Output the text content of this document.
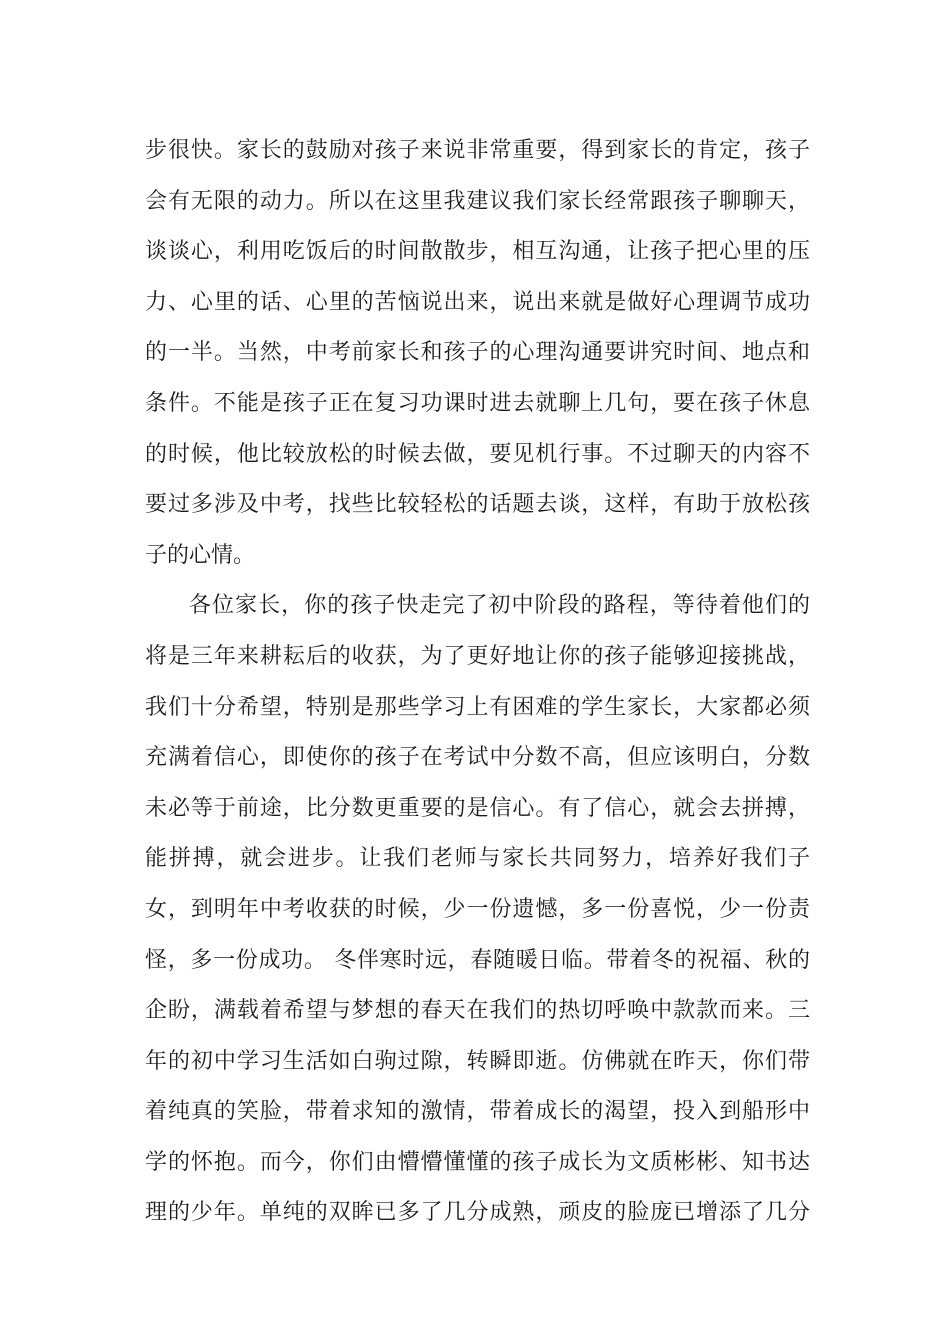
步很快。家长的鼓励对孩子来说非常重要，得到家长的肯定，孩子
会有无限的动力。所以在这里我建议我们家长经常跟孩子聊聊天，
谈谈心，利用吃饭后的时间散散步，相互沟通，让孩子把心里的压
力、心里的话、心里的苦恼说出来，说出来就是做好心理调节成功
的一半。当然，中考前家长和孩子的心理沟通要讲究时间、地点和
条件。不能是孩子正在复习功课时进去就聊上几句，要在孩子休息
的时候，他比较放松的时候去做，要见机行事。不过聊天的内容不
要过多涉及中考，找些比较轻松的话题去谈，这样，有助于放松孩
子的心情。
各位家长，你的孩子快走完了初中阶段的路程，等待着他们的
将是三年来耕耘后的收获，为了更好地让你的孩子能够迎接挑战，
我们十分希望，特别是那些学习上有困难的学生家长，大家都必须
充满着信心，即使你的孩子在考试中分数不高，但应该明白，分数
未必等于前途，比分数更重要的是信心。有了信心，就会去拼搏，
能拼搏，就会进步。让我们老师与家长共同努力，培养好我们子
女，到明年中考收获的时候，少一份遗憾，多一份喜悦，少一份责
怪，多一份成功。 冬伴寒时远，春随暖日临。带着冬的祝福、秋的
企盼，满载着希望与梦想的春天在我们的热切呼唤中款款而来。三
年的初中学习生活如白驹过隙，转瞬即逝。仿佛就在昨天，你们带
着纯真的笑脸，带着求知的激情，带着成长的渴望，投入到船形中
学的怀抱。而今，你们由懵懵懂懂的孩子成长为文质彬彬、知书达
理的少年。单纯的双眸已多了几分成熟，顽皮的脸庞已增添了几分
